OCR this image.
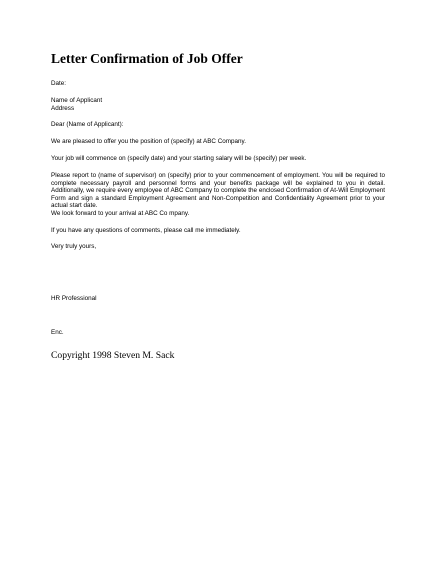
Letter Confirmation of Job Offer

Date:

Name of Applicant

Address

Dear (Name of Applicant):

We are pleased to offer you the position of (specify) at ABC Company.

Your job will commence on (specify date) and your starting salary will be (specify) per week.

Please report to (name of supervisor) on (specify) prior to your commencement of employment. You will be required to complete necessary payroll and personnel forms and your benefits package will be explained to you in detail. Additionally, we require every employee of ABC Company to complete the enclosed Confirmation of At-Will Employment Form and sign a standard Employment Agreement and Non-Competition and Confidentiality Agreement prior to your actual start date.

We look forward to your arrival at ABC Co mpany.

If you have any questions of comments, please call me immediately.

Very truly yours,

HR Professional

Enc.

Copyright 1998 Steven M. Sack
